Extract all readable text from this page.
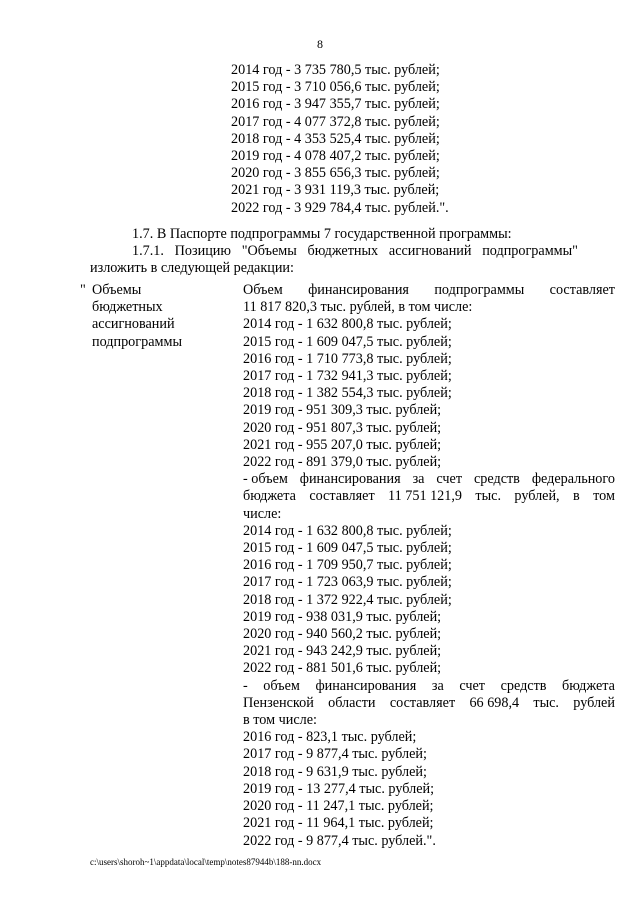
8
2014 год - 3 735 780,5 тыс. рублей;
2015 год - 3 710 056,6 тыс. рублей;
2016 год - 3 947 355,7 тыс. рублей;
2017 год - 4 077 372,8 тыс. рублей;
2018 год - 4 353 525,4 тыс. рублей;
2019 год - 4 078 407,2 тыс. рублей;
2020 год - 3 855 656,3 тыс. рублей;
2021 год - 3 931 119,3 тыс. рублей;
2022 год - 3 929 784,4 тыс. рублей.".
1.7. В Паспорте подпрограммы 7 государственной программы:
1.7.1. Позицию "Объемы бюджетных ассигнований подпрограммы"
изложить в следующей редакции:
" Объемы
бюджетных
ассигнований
подпрограммы
Объем финансирования подпрограммы составляет
11 817 820,3 тыс. рублей, в том числе:
2014 год - 1 632 800,8 тыс. рублей;
2015 год - 1 609 047,5 тыс. рублей;
2016 год - 1 710 773,8 тыс. рублей;
2017 год - 1 732 941,3 тыс. рублей;
2018 год - 1 382 554,3 тыс. рублей;
2019 год - 951 309,3 тыс. рублей;
2020 год - 951 807,3 тыс. рублей;
2021 год - 955 207,0 тыс. рублей;
2022 год - 891 379,0 тыс. рублей;
- объем финансирования за счет средств федерального
бюджета составляет 11 751 121,9 тыс. рублей, в том
числе:
2014 год - 1 632 800,8 тыс. рублей;
2015 год - 1 609 047,5 тыс. рублей;
2016 год - 1 709 950,7 тыс. рублей;
2017 год - 1 723 063,9 тыс. рублей;
2018 год - 1 372 922,4 тыс. рублей;
2019 год - 938 031,9 тыс. рублей;
2020 год - 940 560,2 тыс. рублей;
2021 год - 943 242,9 тыс. рублей;
2022 год - 881 501,6 тыс. рублей;
- объем финансирования за счет средств бюджета
Пензенской области составляет 66 698,4 тыс. рублей
в том числе:
2016 год - 823,1 тыс. рублей;
2017 год - 9 877,4 тыс. рублей;
2018 год - 9 631,9 тыс. рублей;
2019 год - 13 277,4 тыс. рублей;
2020 год - 11 247,1 тыс. рублей;
2021 год - 11 964,1 тыс. рублей;
2022 год - 9 877,4 тыс. рублей.".
c:\users\shoroh~1\appdata\local\temp\notes87944b\188-nn.docx
